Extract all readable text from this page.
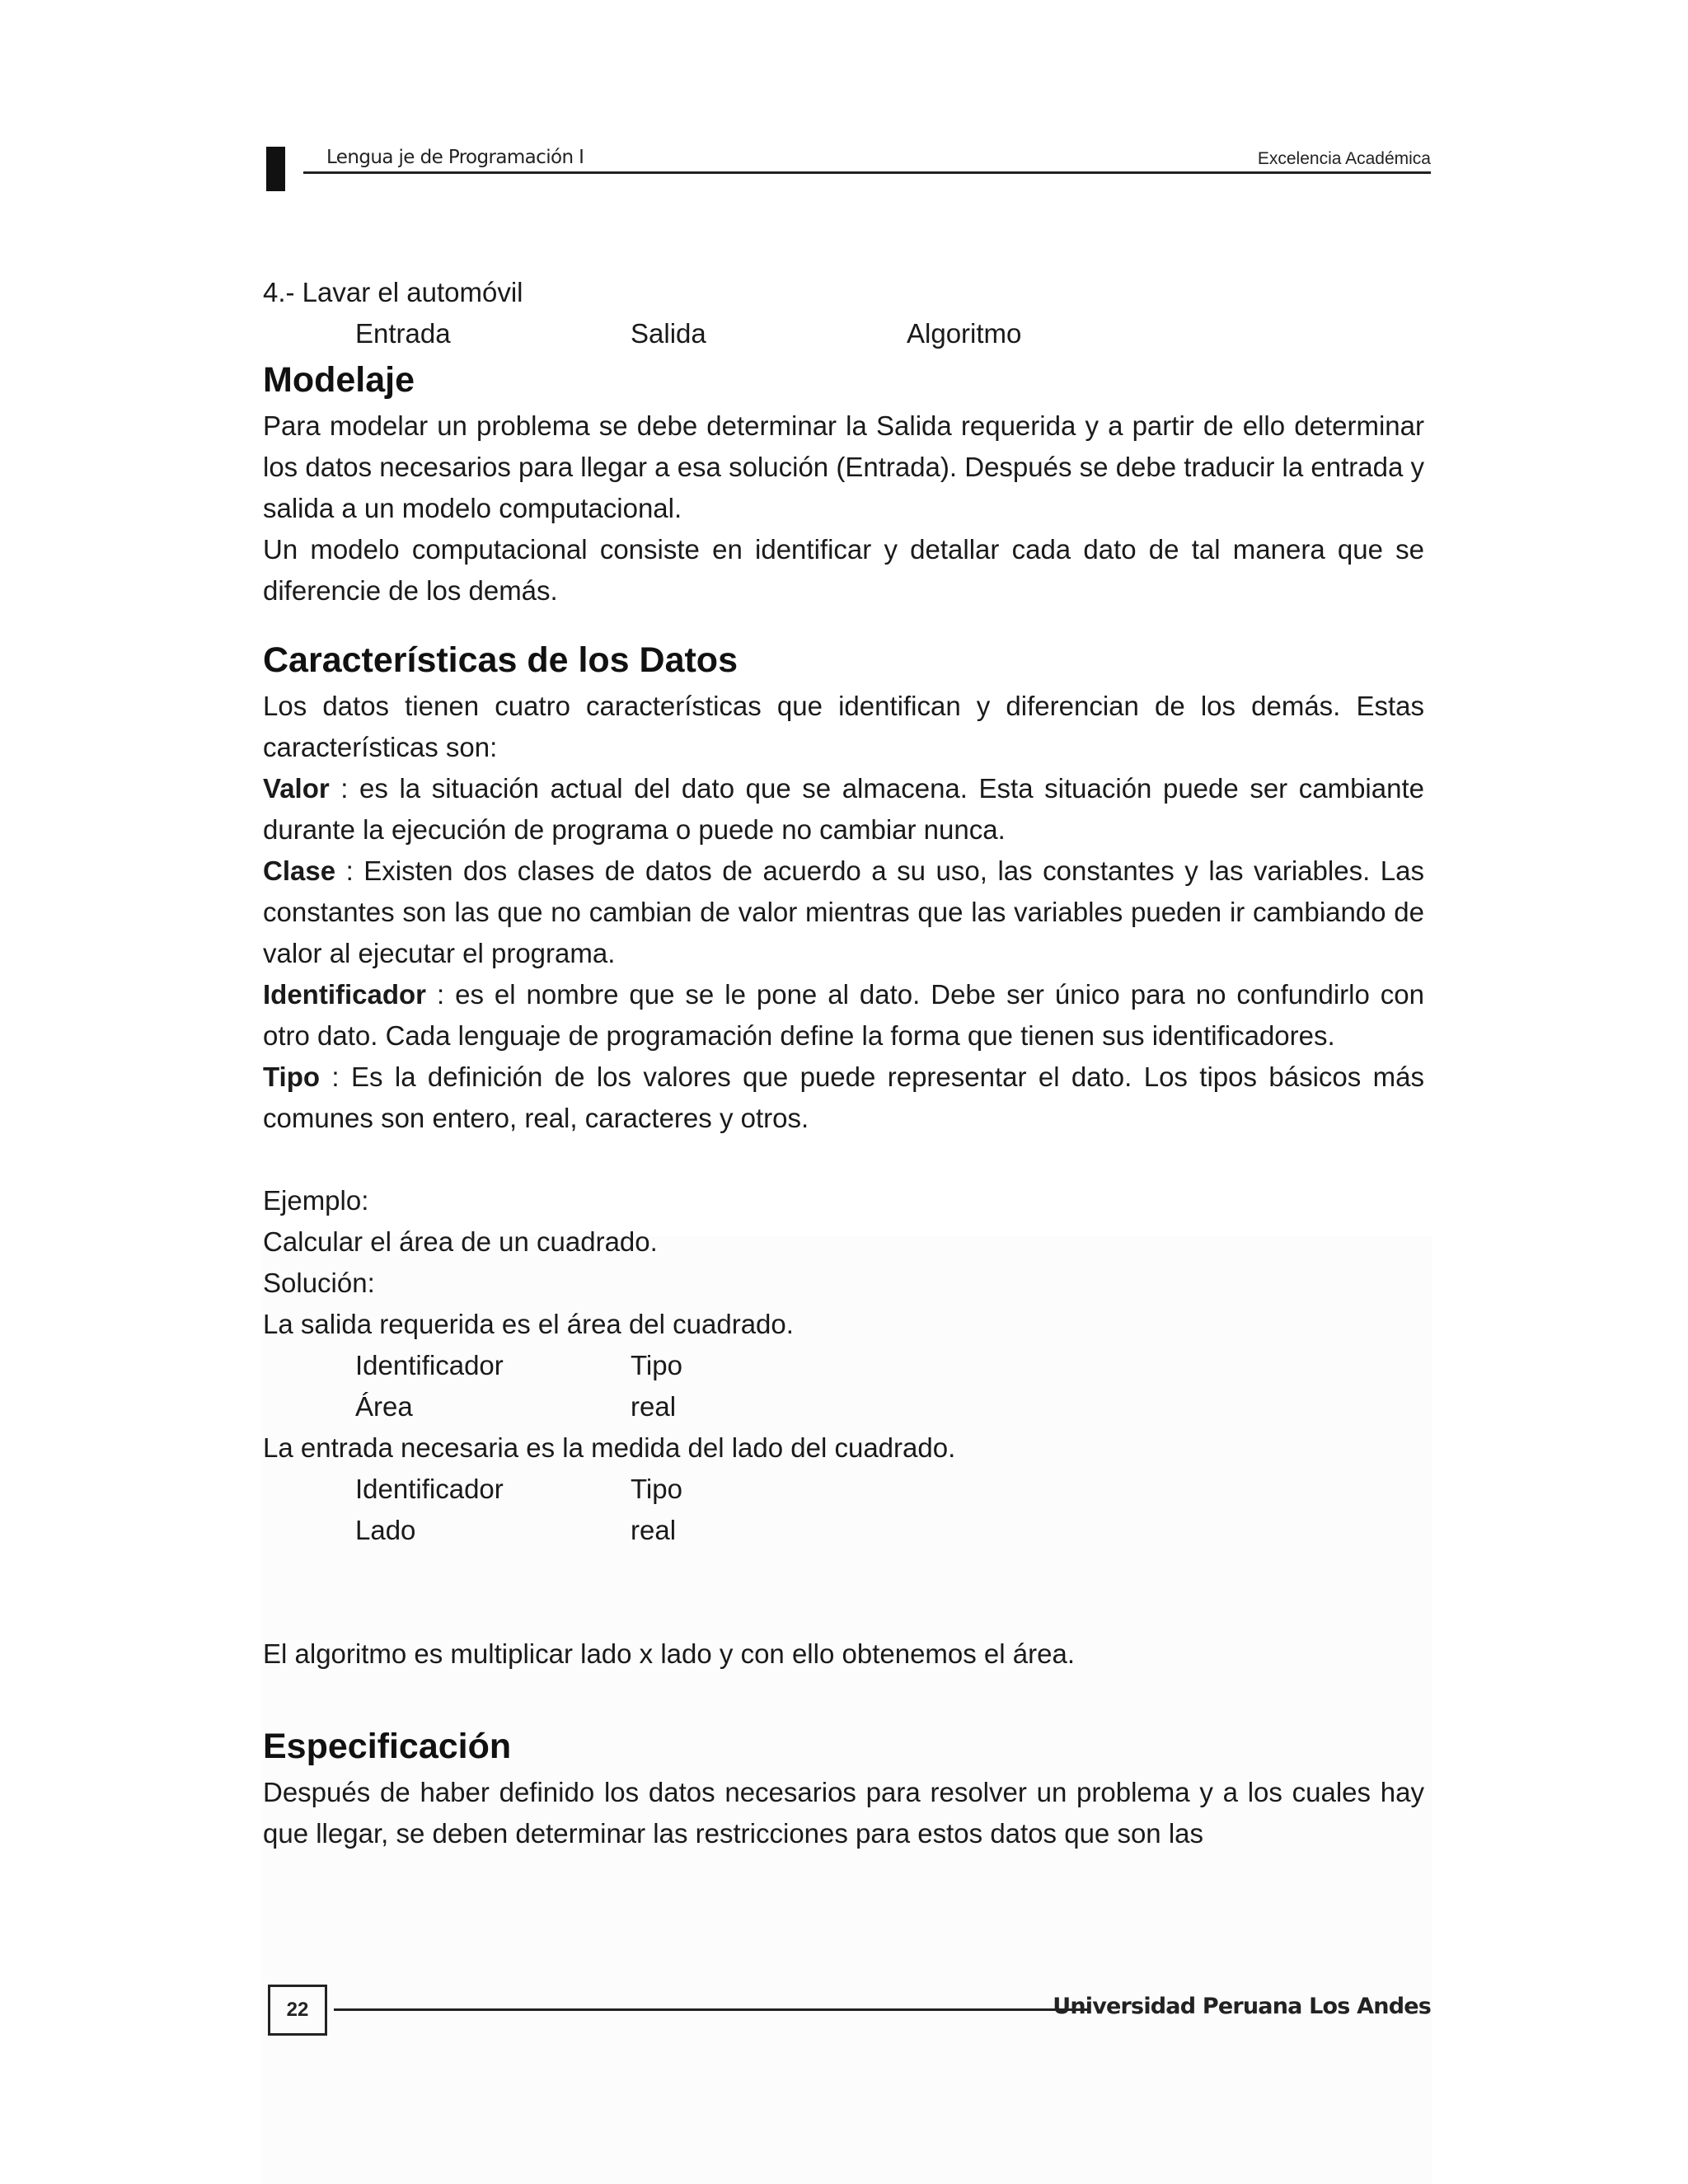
Lengua je de Programación I	Excelencia Académica

4.- Lavar el automóvil

Entrada	Salida	Algoritmo
Modelaje

Para modelar un problema se debe determinar la Salida requerida y a partir de ello determinar los datos necesarios para llegar a esa solución (Entrada). Después se debe traducir la entrada y salida a un modelo computacional.

Un modelo computacional consiste en identificar y detallar cada dato de tal manera que se diferencie de los demás.

Características de los Datos

Los datos tienen cuatro características que identifican y diferencian de los demás. Estas características son:

Valor : es la situación actual del dato que se almacena. Esta situación puede ser cambiante durante la ejecución de programa o puede no cambiar nunca.

Clase : Existen dos clases de datos de acuerdo a su uso, las constantes y las variables. Las constantes son las que no cambian de valor mientras que las variables pueden ir cambiando de valor al ejecutar el programa.

Identificador : es el nombre que se le pone al dato. Debe ser único para no confundirlo con otro dato. Cada lenguaje de programación define la forma que tienen sus identificadores.

Tipo : Es la definición de los valores que puede representar el dato. Los tipos básicos más comunes son entero, real, caracteres y otros.

Ejemplo:

Calcular el área de un cuadrado.

Solución:

La salida requerida es el área del cuadrado.

Identificador	Tipo
Área	real

La entrada necesaria es la medida del lado del cuadrado.

Identificador	Tipo
Lado	real

El algoritmo es multiplicar lado x lado y con ello obtenemos el área.

Especificación

Después de haber definido los datos necesarios para resolver un problema y a los cuales hay que llegar, se deben determinar las restricciones para estos datos que son las

22	Universidad Peruana Los Andes
